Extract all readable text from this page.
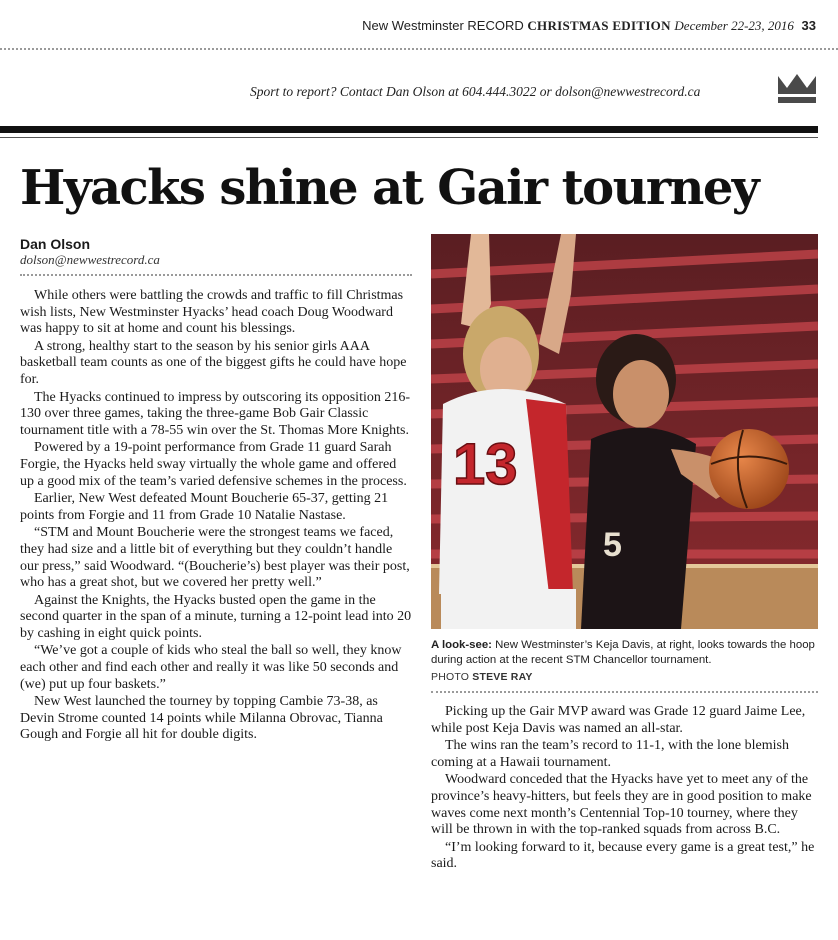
New Westminster RECORD CHRISTMAS EDITION December 22-23, 2016 33
Sport to report? Contact Dan Olson at 604.444.3022 or dolson@newwestrecord.ca
Hyacks shine at Gair tourney
Dan Olson
dolson@newwestrecord.ca

While others were battling the crowds and traffic to fill Christmas wish lists, New Westminster Hyacks’ head coach Doug Woodward was happy to sit at home and count his blessings.

A strong, healthy start to the season by his senior girls AAA basketball team counts as one of the biggest gifts he could have hope for.

The Hyacks continued to impress by outscoring its opposition 216-130 over three games, taking the three-game Bob Gair Classic tournament title with a 78-55 win over the St. Thomas More Knights.

Powered by a 19-point performance from Grade 11 guard Sarah Forgie, the Hyacks held sway virtually the whole game and offered up a good mix of the team’s varied defensive schemes in the process.

Earlier, New West defeated Mount Boucherie 65-37, getting 21 points from Forgie and 11 from Grade 10 Natalie Nastase.

“STM and Mount Boucherie were the strongest teams we faced, they had size and a little bit of everything but they couldn’t handle our press,” said Woodward. “(Boucherie’s) best player was their post, who has a great shot, but we covered her pretty well.”

Against the Knights, the Hyacks busted open the game in the second quarter in the span of a minute, turning a 12-point lead into 20 by cashing in eight quick points.

“We’ve got a couple of kids who steal the ball so well, they know each other and find each other and really it was like 50 seconds and (we) put up four baskets.”

New West launched the tourney by topping Cambie 73-38, as Devin Strome counted 14 points while Milanna Obrovac, Tianna Gough and Forgie all hit for double digits.

13
5
A look-see: New Westminster’s Keja Davis, at right, looks towards the hoop during action at the recent STM Chancellor tournament.
PHOTO STEVE RAY

Picking up the Gair MVP award was Grade 12 guard Jaime Lee, while post Keja Davis was named an all-star.

The wins ran the team’s record to 11-1, with the lone blemish coming at a Hawaii tournament.

Woodward conceded that the Hyacks have yet to meet any of the province’s heavy-hitters, but feels they are in good position to make waves come next month’s Centennial Top-10 tourney, where they will be thrown in with the top-ranked squads from across B.C.

“I’m looking forward to it, because every game is a great test,” he said.
